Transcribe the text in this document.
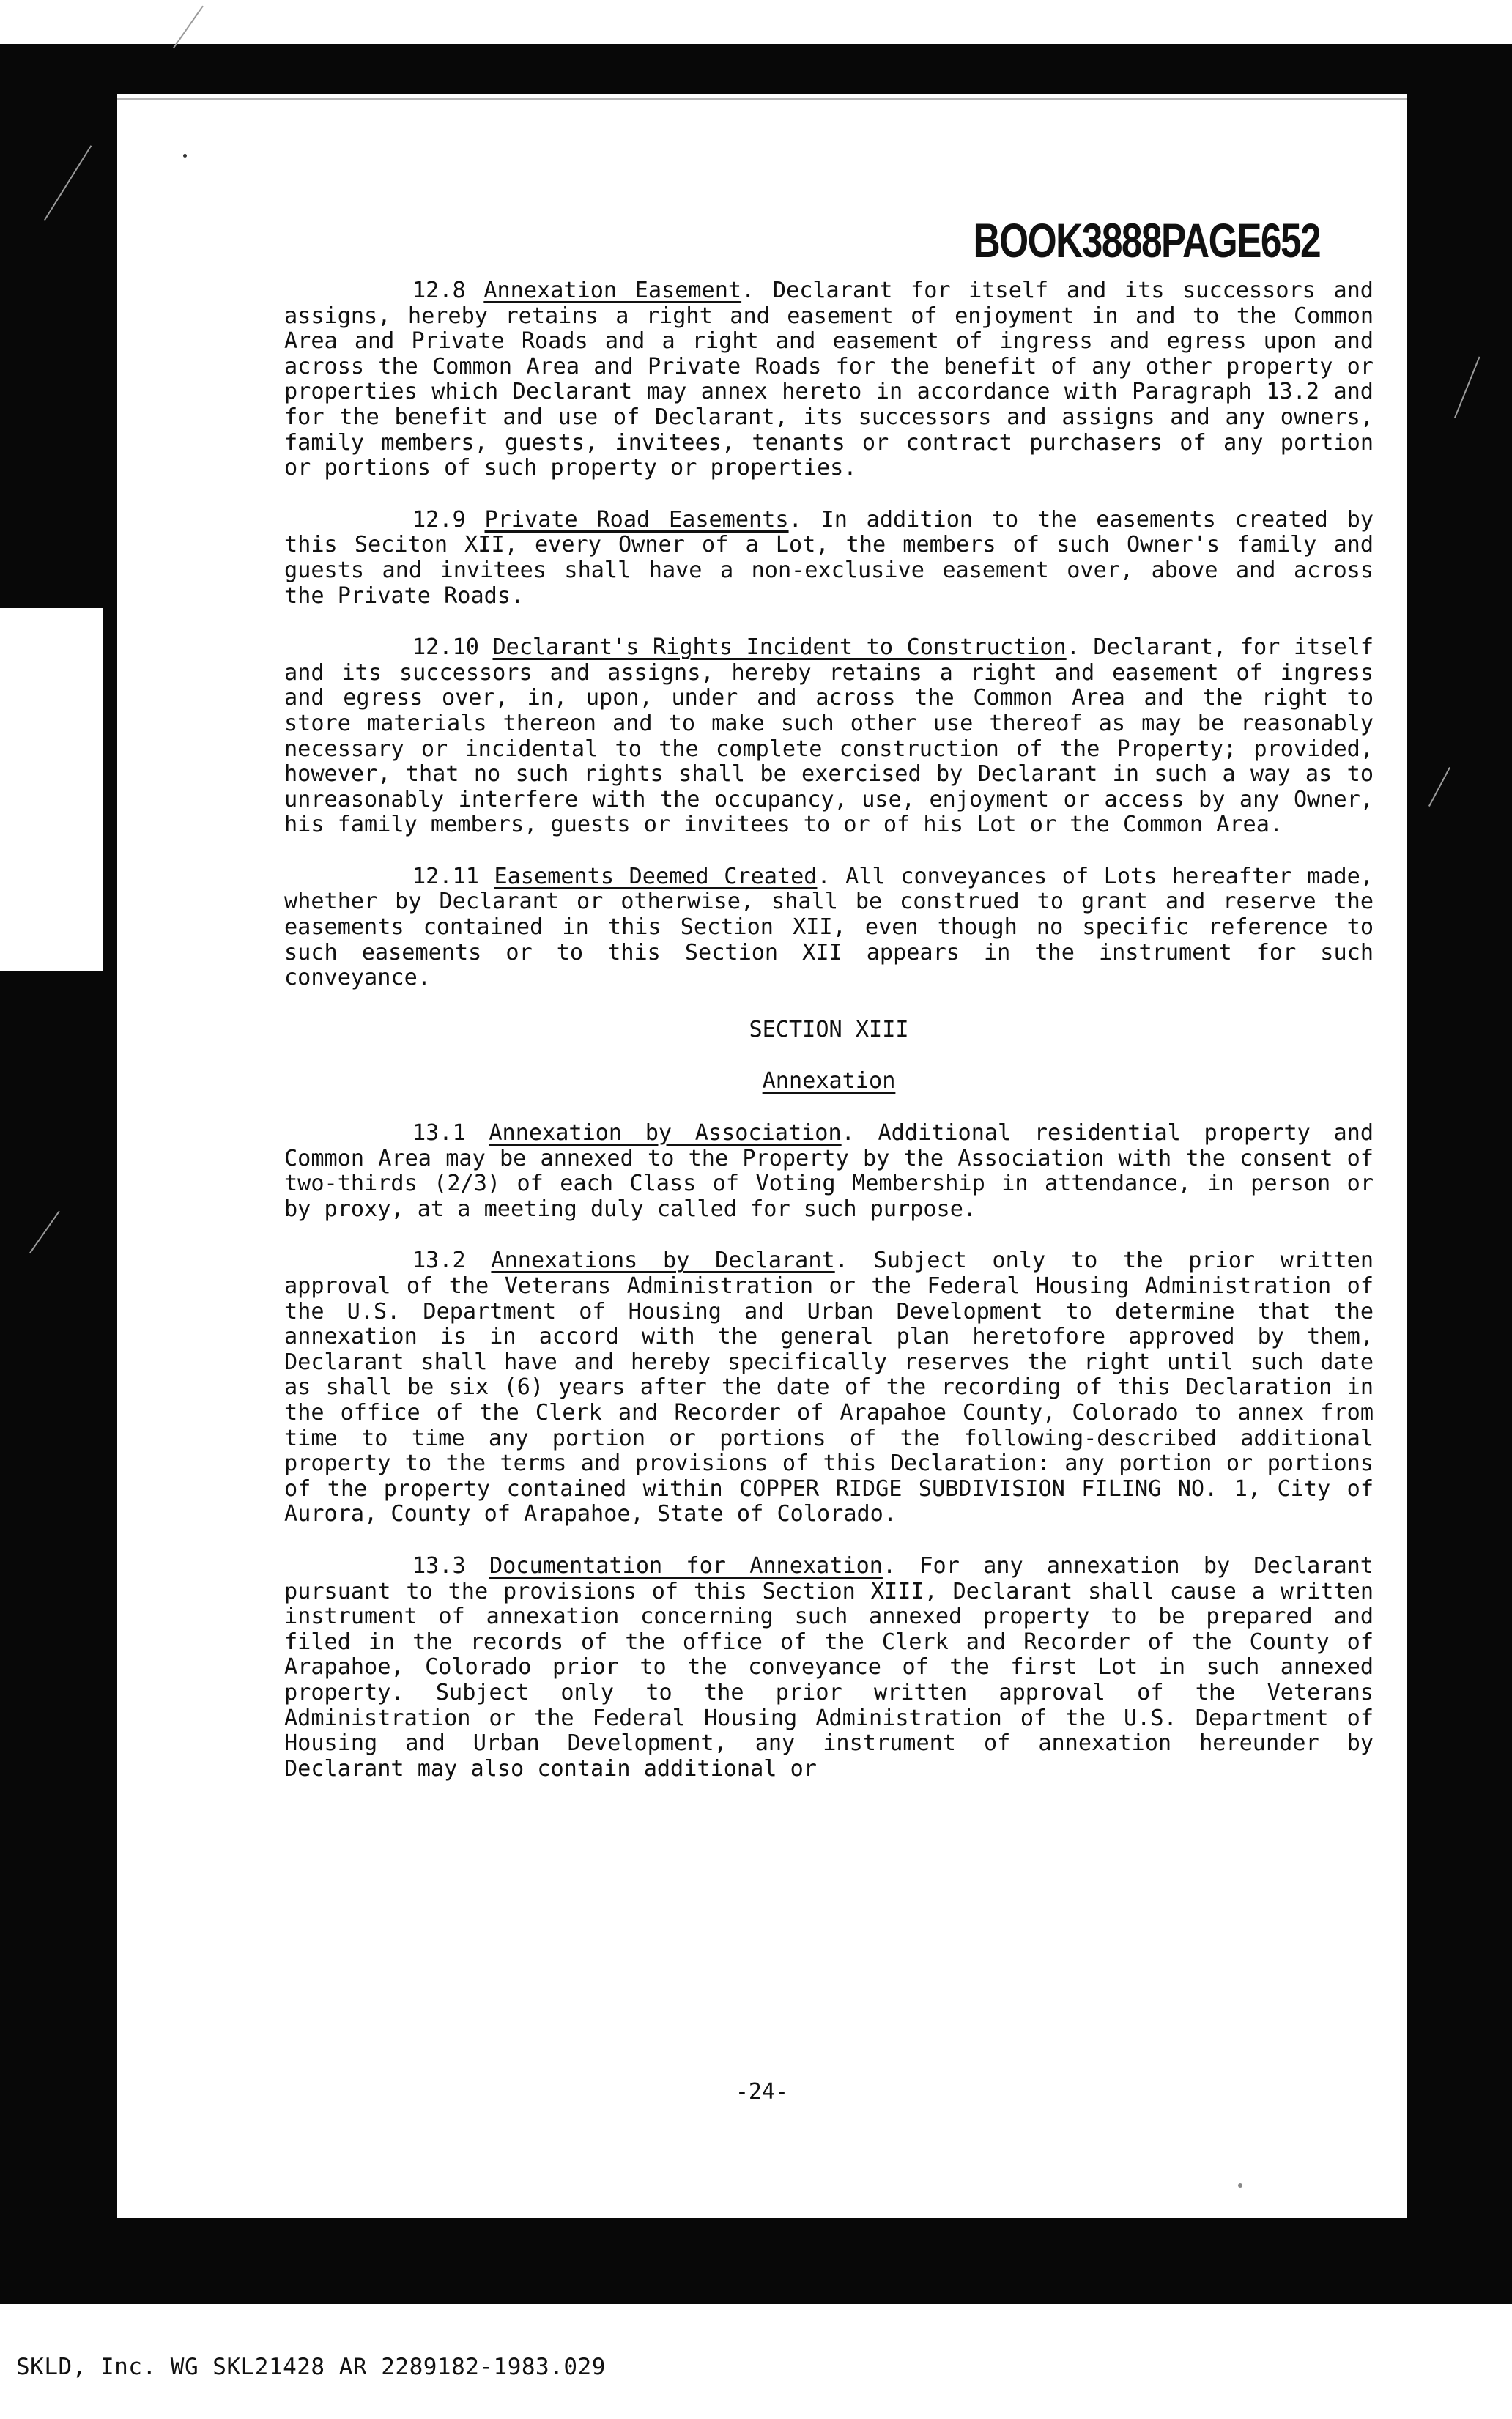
BOOK3888PAGE652

12.8 Annexation Easement. Declarant for itself and its successors and assigns, hereby retains a right and easement of enjoyment in and to the Common Area and Private Roads and a right and easement of ingress and egress upon and across the Common Area and Private Roads for the benefit of any other property or properties which Declarant may annex hereto in accordance with Paragraph 13.2 and for the benefit and use of Declarant, its successors and assigns and any owners, family members, guests, invitees, tenants or contract purchasers of any portion or portions of such property or properties.

12.9 Private Road Easements. In addition to the easements created by this Seciton XII, every Owner of a Lot, the members of such Owner's family and guests and invitees shall have a non-exclusive easement over, above and across the Private Roads.

12.10 Declarant's Rights Incident to Construction. Declarant, for itself and its successors and assigns, hereby retains a right and easement of ingress and egress over, in, upon, under and across the Common Area and the right to store materials thereon and to make such other use thereof as may be reasonably necessary or incidental to the complete construction of the Property; provided, however, that no such rights shall be exercised by Declarant in such a way as to unreasonably interfere with the occupancy, use, enjoyment or access by any Owner, his family members, guests or invitees to or of his Lot or the Common Area.

12.11 Easements Deemed Created. All conveyances of Lots hereafter made, whether by Declarant or otherwise, shall be construed to grant and reserve the easements contained in this Section XII, even though no specific reference to such easements or to this Section XII appears in the instrument for such conveyance.

SECTION XIII

Annexation

13.1 Annexation by Association. Additional residential property and Common Area may be annexed to the Property by the Association with the consent of two-thirds (2/3) of each Class of Voting Membership in attendance, in person or by proxy, at a meeting duly called for such purpose.

13.2 Annexations by Declarant. Subject only to the prior written approval of the Veterans Administration or the Federal Housing Administration of the U.S. Department of Housing and Urban Development to determine that the annexation is in accord with the general plan heretofore approved by them, Declarant shall have and hereby specifically reserves the right until such date as shall be six (6) years after the date of the recording of this Declaration in the office of the Clerk and Recorder of Arapahoe County, Colorado to annex from time to time any portion or portions of the following-described additional property to the terms and provisions of this Declaration: any portion or portions of the property contained within COPPER RIDGE SUBDIVISION FILING NO. 1, City of Aurora, County of Arapahoe, State of Colorado.

13.3 Documentation for Annexation. For any annexation by Declarant pursuant to the provisions of this Section XIII, Declarant shall cause a written instrument of annexation concerning such annexed property to be prepared and filed in the records of the office of the Clerk and Recorder of the County of Arapahoe, Colorado prior to the conveyance of the first Lot in such annexed property. Subject only to the prior written approval of the Veterans Administration or the Federal Housing Administration of the U.S. Department of Housing and Urban Development, any instrument of annexation hereunder by Declarant may also contain additional or

-24-
SKLD, Inc. WG SKL21428 AR 2289182-1983.029
